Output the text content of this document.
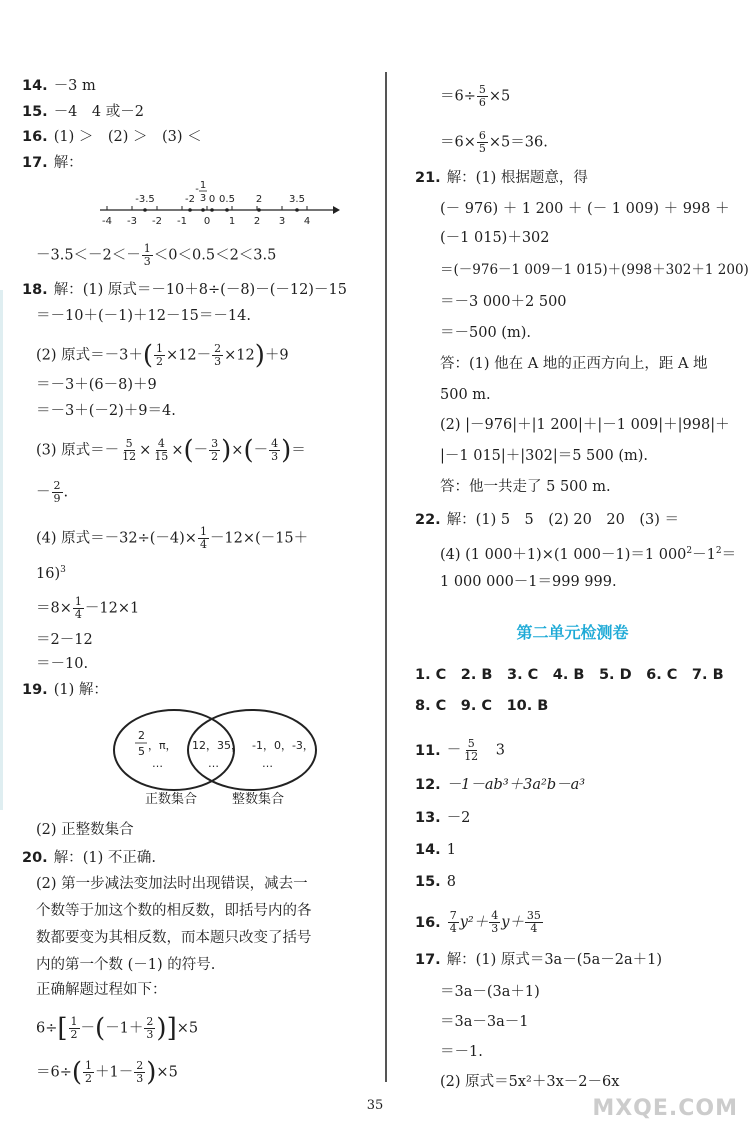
14. －3 m
15. －4　4 或－2
16. (1) ＞　(2) ＞　(3) ＜
17. 解：
-4 -3 -2 -1 0 1 2 3 4
-3.5	-2
- 1
3 0 0.5 2	3.5
$-3.5<-2<- \frac{1}{3} <0<0.5<2<3.5$
18. 解：(1) 原式＝－10＋8÷(－8)－(－12)－15
＝－10＋(－1)＋12－15＝－14.
(2) 原式$=-3+( \frac{1}{2} \times 12- \frac{2}{3} \times 12)+9$
＝－3＋(6－8)＋9
＝－3＋(－2)＋9＝4.
(3) 原式＝－ $\frac{5}{12} \times \frac{4}{15}$ ×(－ $\frac{3}{2}$ )×(－ $\frac{4}{3}$ )＝
－ $\frac{2}{9}$ .
(4) 原式$=-32\div(-4)\times \frac{1}{4} -12\times(-15+$
16)$^3$
$=8\times \frac{1}{4} -12\times 1$
＝2－12
＝－10.
19. (1) 解：
2
5 ，π，
…
12，35，
…
-1，0，-3，
…
正数集合	整数集合
(2) 正整数集合
20. 解：(1) 不正确.
(2) 第一步减法变加法时出现错误，减去一
个数等于加这个数的相反数，即括号内的各
数都要变为其相反数，而本题只改变了括号
内的第一个数 (－1) 的符号.
正确解题过程如下：
$6\div[ \frac{1}{2} -(-1+ \frac{2}{3} )]\times 5$
$=6\div( \frac{1}{2} +1- \frac{2}{3} )\times 5$
$=6\div \frac{5}{6} \times 5$
$=6\times \frac{6}{5} \times 5=36$.
21. 解：(1) 根据题意，得
(－ 976) ＋ 1 200 ＋ (－ 1 009) ＋ 998 ＋
(－1 015)＋302
＝(－976－1 009－1 015)＋(998＋302＋1 200)
＝－3 000＋2 500
＝－500 (m).
答：(1) 他在 A 地的正西方向上，距 A 地
500 m.
(2) |－976|＋|1 200|＋|－1 009|＋|998|＋
|－1 015|＋|302|＝5 500 (m).
答：他一共走了 5 500 m.
22. 解：(1) 5　5　(2) 20　20　(3) ＝
(4) (1 000＋1)×(1 000－1)＝1 $000^2-1^2=$
1 000 000－1＝999 999.
第二单元检测卷
1. C　2. B　3. C　4. B　5. D　6. C　7. B
8. C　9. C　10. B
11. － $\frac{5}{12}$
　 3
12. －1－ab³＋3a²b－a³
13. －2
14. 1
15. 8
16. $\frac{7}{4} y^2+ \frac{4}{3} y+ \frac{35}{4}$
17. 解：(1) 原式＝3a－(5a－2a＋1)
＝3a－(3a＋1)
＝3a－3a－1
＝－1.
(2) 原式＝5x²＋3x－2－6x
35	MXQE.COM
